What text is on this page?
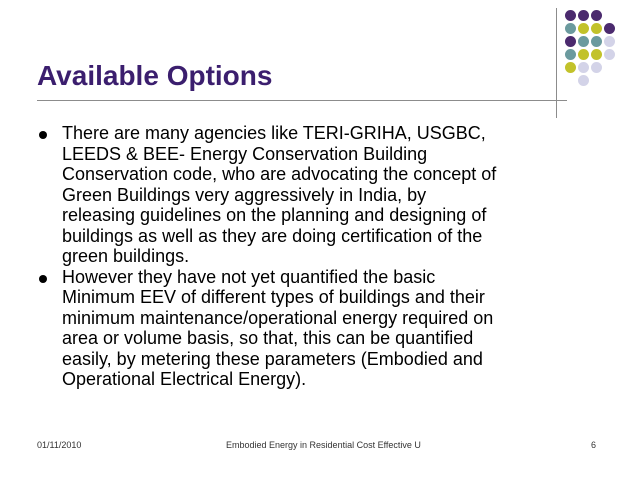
Available Options
There are many agencies like TERI-GRIHA, USGBC,
LEEDS & BEE- Energy Conservation Building
Conservation code, who are advocating the concept of
Green Buildings very aggressively in India, by
releasing guidelines on the planning and designing of
buildings as well as they are doing certification of the
green buildings.
However they have not yet quantified the basic
Minimum EEV of different types of buildings and their
minimum maintenance/operational energy required on
area or volume basis, so that, this can be quantified
easily, by metering these parameters (Embodied and
Operational Electrical Energy).
01/11/2010	Embodied Energy in Residential Cost Effective U	6
